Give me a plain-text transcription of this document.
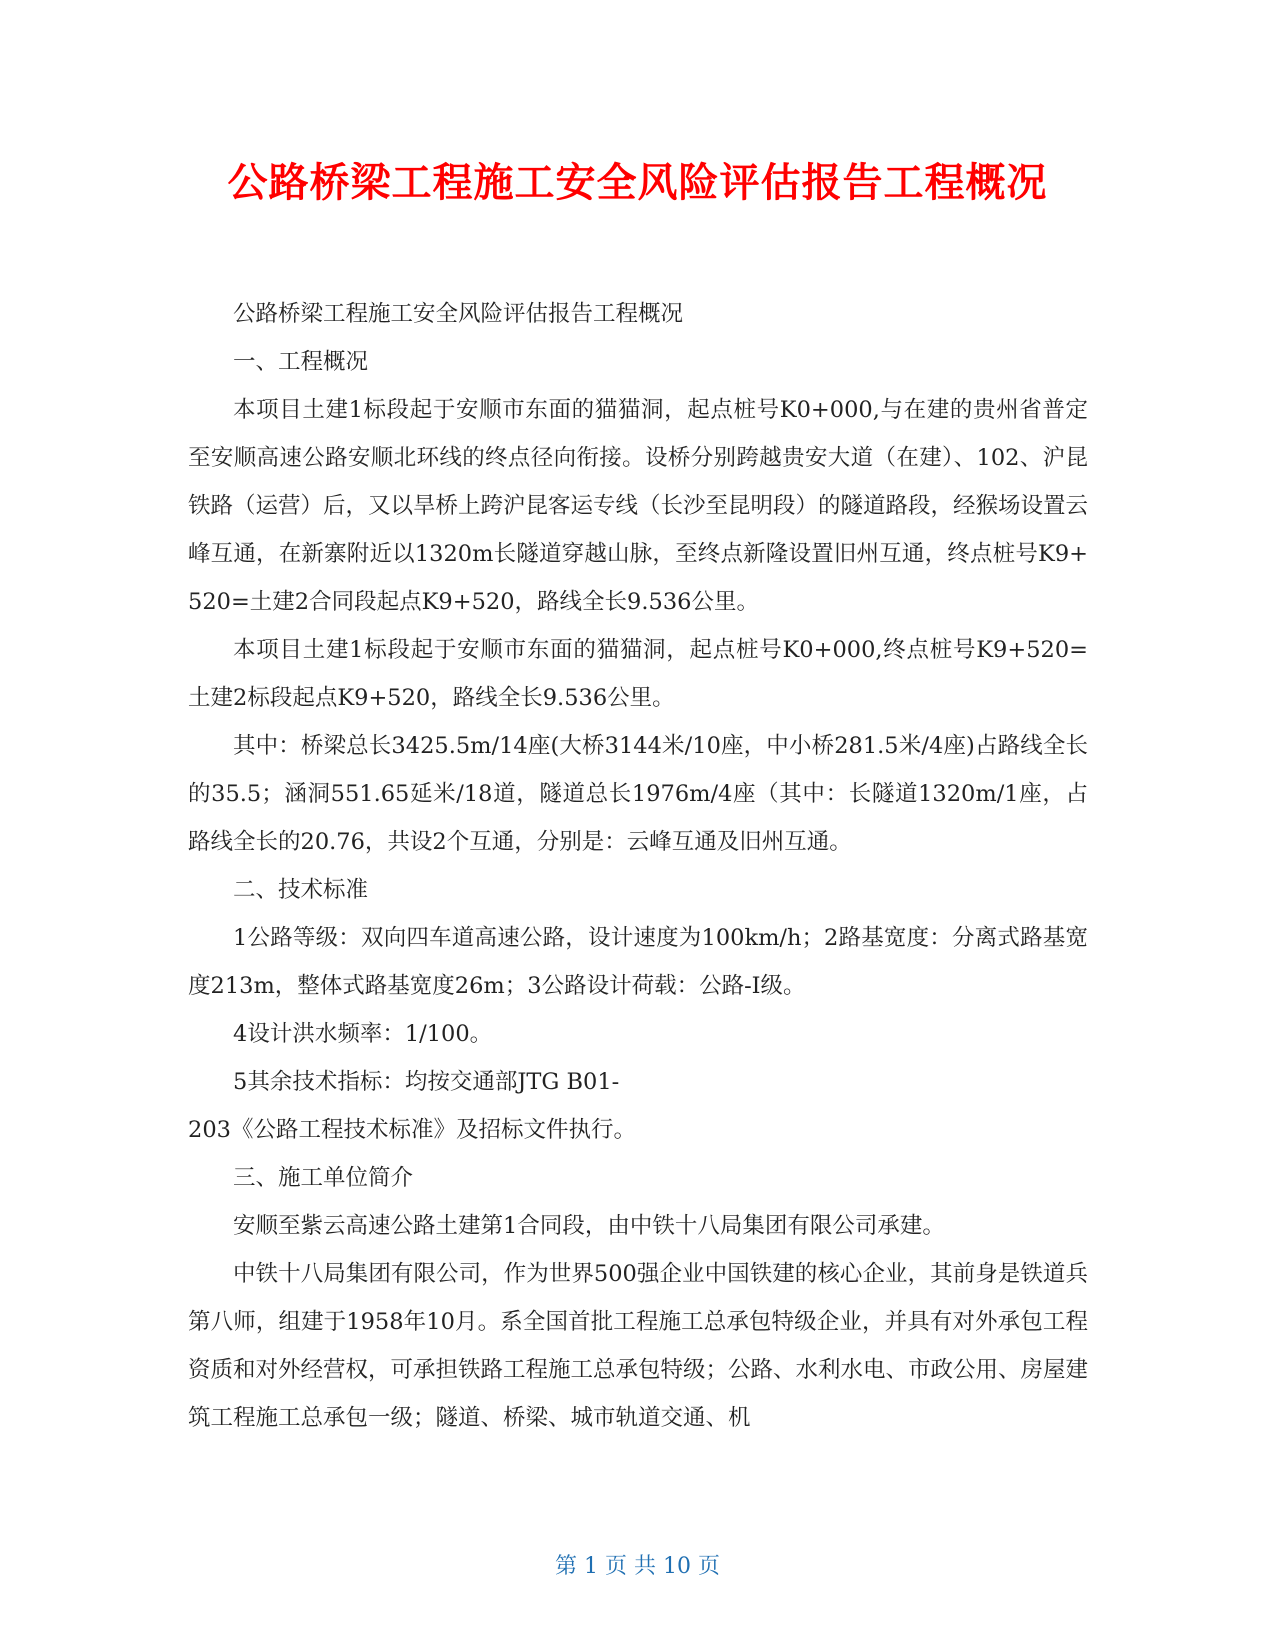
公路桥梁工程施工安全风险评估报告工程概况

公路桥梁工程施工安全风险评估报告工程概况

一、工程概况

本项目土建1标段起于安顺市东面的猫猫洞，起点桩号K0+000,与在建的贵州省普定至安顺高速公路安顺北环线的终点径向衔接。设桥分别跨越贵安大道（在建）、102、沪昆铁路（运营）后，又以旱桥上跨沪昆客运专线（长沙至昆明段）的隧道路段，经猴场设置云峰互通，在新寨附近以1320m长隧道穿越山脉，至终点新隆设置旧州互通，终点桩号K9+520=土建2合同段起点K9+520，路线全长9.536公里。

本项目土建1标段起于安顺市东面的猫猫洞，起点桩号K0+000,终点桩号K9+520=土建2标段起点K9+520，路线全长9.536公里。

其中：桥梁总长3425.5m/14座(大桥3144米/10座，中小桥281.5米/4座)占路线全长的35.5；涵洞551.65延米/18道，隧道总长1976m/4座（其中：长隧道1320m/1座，占路线全长的20.76，共设2个互通，分别是：云峰互通及旧州互通。

二、技术标准

1公路等级：双向四车道高速公路，设计速度为100km/h；2路基宽度：分离式路基宽度213m，整体式路基宽度26m；3公路设计荷载：公路-I级。

4设计洪水频率：1/100。

5其余技术指标：均按交通部JTG B01-

203《公路工程技术标准》及招标文件执行。

三、施工单位简介

安顺至紫云高速公路土建第1合同段，由中铁十八局集团有限公司承建。

中铁十八局集团有限公司，作为世界500强企业中国铁建的核心企业，其前身是铁道兵第八师，组建于1958年10月。系全国首批工程施工总承包特级企业，并具有对外承包工程资质和对外经营权，可承担铁路工程施工总承包特级；公路、水利水电、市政公用、房屋建筑工程施工总承包一级；隧道、桥梁、城市轨道交通、机

第 1 页 共 10 页
